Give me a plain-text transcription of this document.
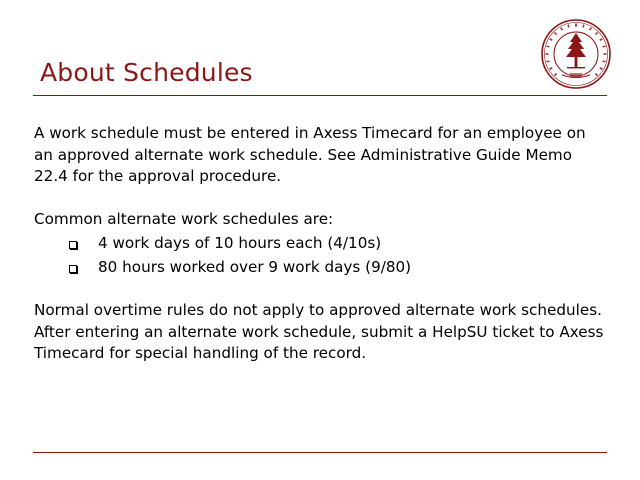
About Schedules

A work schedule must be entered in Axess Timecard for an employee on an approved alternate work schedule. See Administrative Guide Memo 22.4 for the approval procedure.

Common alternate work schedules are:

4 work days of 10 hours each (4/10s)
80 hours worked over 9 work days (9/80)

Normal overtime rules do not apply to approved alternate work schedules. After entering an alternate work schedule, submit a HelpSU ticket to Axess Timecard for special handling of the record.
